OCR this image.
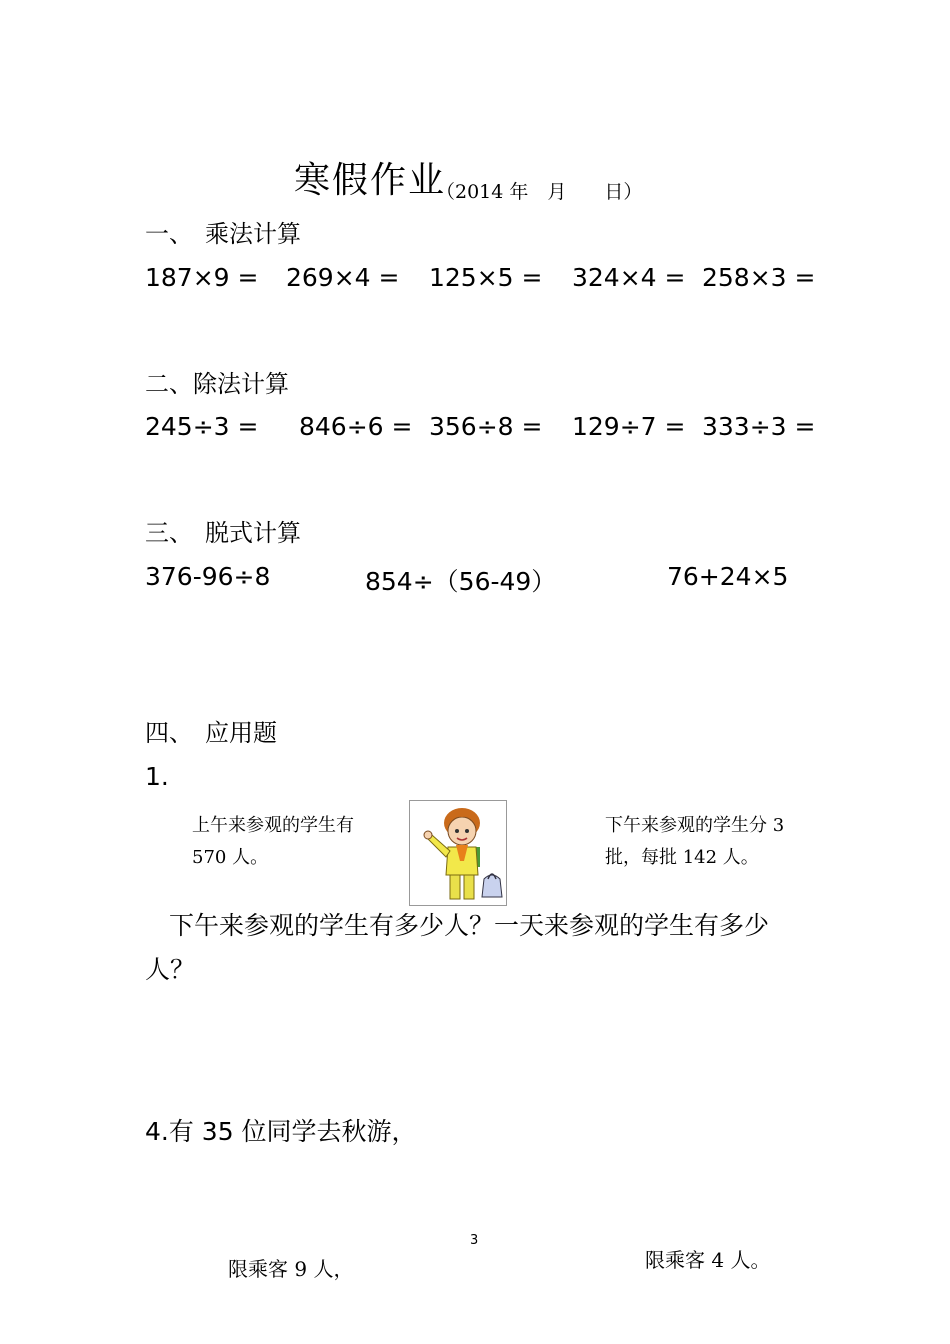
寒假作业
（2014 年　月　　日）
一、　乘法计算
187×9 = 269×4 = 125×5 = 324×4 = 258×3 =
二、除法计算
245÷3 = 846÷6 = 356÷8 = 129÷7 = 333÷3 =
三、　脱式计算
376-96÷8	854÷（56-49）	76+24×5
四、　应用题
1.
上午来参观的学生有
570 人。
下午来参观的学生分 3
批，每批 142 人。
下午来参观的学生有多少人？一天来参观的学生有多少
人？
4.有 35 位同学去秋游，
3
限乘客 9 人，	限乘客 4 人。
